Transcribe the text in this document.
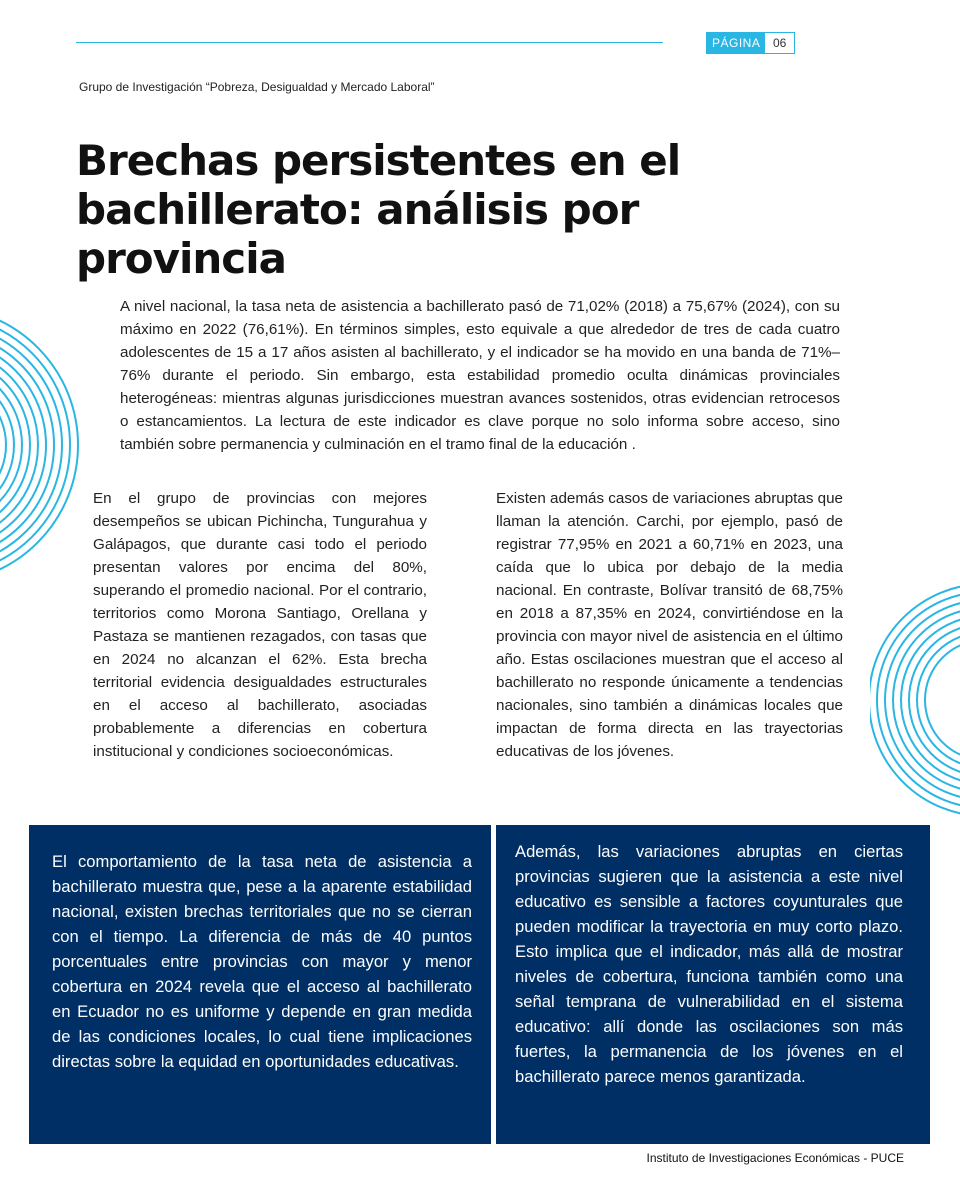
PÁGINA	06
Grupo de Investigación “Pobreza, Desigualdad y Mercado Laboral”
Brechas persistentes en el bachillerato: análisis por provincia

A nivel nacional, la tasa neta de asistencia a bachillerato pasó de 71,02% (2018) a 75,67% (2024), con su máximo en 2022 (76,61%). En términos simples, esto equivale a que alrededor de tres de cada cuatro adolescentes de 15 a 17 años asisten al bachillerato, y el indicador se ha movido en una banda de 71%–76% durante el periodo. Sin embargo, esta estabilidad promedio oculta dinámicas provinciales heterogéneas: mientras algunas jurisdicciones muestran avances sostenidos, otras evidencian retrocesos o estancamientos. La lectura de este indicador es clave porque no solo informa sobre acceso, sino también sobre permanencia y culminación en el tramo final de la educación .

En el grupo de provincias con mejores desempeños se ubican Pichincha, Tungurahua y Galápagos, que durante casi todo el periodo presentan valores por encima del 80%, superando el promedio nacional. Por el contrario, territorios como Morona Santiago, Orellana y Pastaza se mantienen rezagados, con tasas que en 2024 no alcanzan el 62%. Esta brecha territorial evidencia desigualdades estructurales en el acceso al bachillerato, asociadas probablemente a diferencias en cobertura institucional y condiciones socioeconómicas.

Existen además casos de variaciones abruptas que llaman la atención. Carchi, por ejemplo, pasó de registrar 77,95% en 2021 a 60,71% en 2023, una caída que lo ubica por debajo de la media nacional. En contraste, Bolívar transitó de 68,75% en 2018 a 87,35% en 2024, convirtiéndose en la provincia con mayor nivel de asistencia en el último año. Estas oscilaciones muestran que el acceso al bachillerato no responde únicamente a tendencias nacionales, sino también a dinámicas locales que impactan de forma directa en las trayectorias educativas de los jóvenes.

El comportamiento de la tasa neta de asistencia a bachillerato muestra que, pese a la aparente estabilidad nacional, existen brechas territoriales que no se cierran con el tiempo. La diferencia de más de 40 puntos porcentuales entre provincias con mayor y menor cobertura en 2024 revela que el acceso al bachillerato en Ecuador no es uniforme y depende en gran medida de las condiciones locales, lo cual tiene implicaciones directas sobre la equidad en oportunidades educativas.

Además, las variaciones abruptas en ciertas provincias sugieren que la asistencia a este nivel educativo es sensible a factores coyunturales que pueden modificar la trayectoria en muy corto plazo. Esto implica que el indicador, más allá de mostrar niveles de cobertura, funciona también como una señal temprana de vulnerabilidad en el sistema educativo: allí donde las oscilaciones son más fuertes, la permanencia de los jóvenes en el bachillerato parece menos garantizada.

Instituto de Investigaciones Económicas - PUCE
